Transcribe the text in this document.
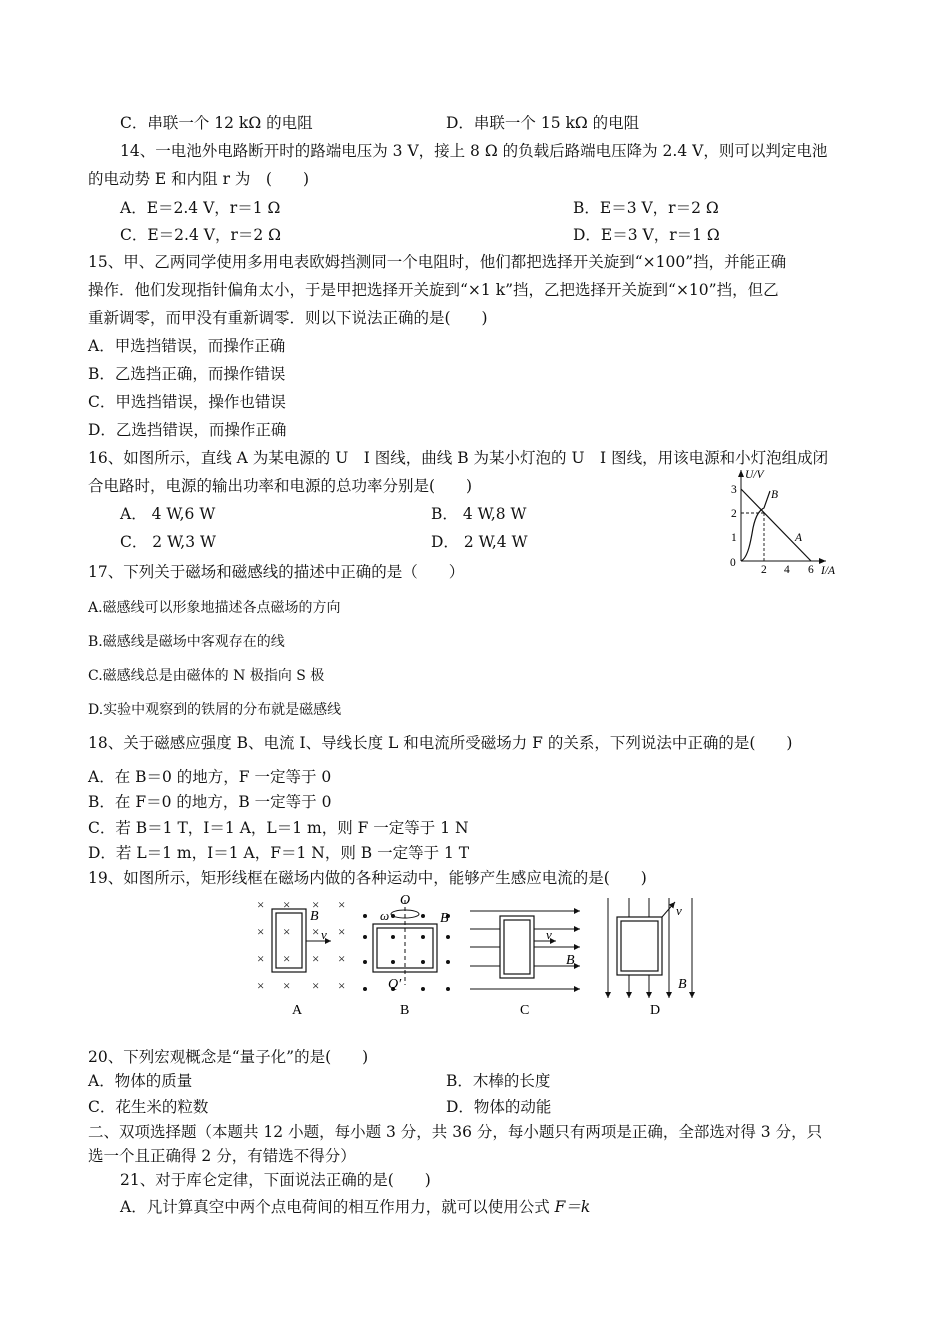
C．串联一个 12 kΩ 的电阻	D．串联一个 15 kΩ 的电阻
14、一电池外电路断开时的路端电压为 3 V，接上 8 Ω 的负载后路端电压降为 2.4 V，则可以判定电池
的电动势 E 和内阻 r 为　(　　)
A．E＝2.4 V，r＝1 Ω	B．E＝3 V，r＝2 Ω
C．E＝2.4 V，r＝2 Ω	D．E＝3 V，r＝1 Ω
15、甲、乙两同学使用多用电表欧姆挡测同一个电阻时，他们都把选择开关旋到“×100”挡，并能正确
操作．他们发现指针偏角太小，于是甲把选择开关旋到“×1 k”挡，乙把选择开关旋到“×10”挡，但乙
重新调零，而甲没有重新调零．则以下说法正确的是(　　)
A．甲选挡错误，而操作正确
B．乙选挡正确，而操作错误
C．甲选挡错误，操作也错误
D．乙选挡错误，而操作正确
16、如图所示，直线 A 为某电源的 U　I 图线，曲线 B 为某小灯泡的 U　I 图线，用该电源和小灯泡组成闭
合电路时，电源的输出功率和电源的总功率分别是(　　)
A． 4 W,6 W	B． 4 W,8 W
C． 2 W,3 W	D． 2 W,4 W
U/V
I/A
0
1
2
3
2 4 6
B
A
17、下列关于磁场和磁感线的描述中正确的是（　　）
A.磁感线可以形象地描述各点磁场的方向
B.磁感线是磁场中客观存在的线
C.磁感线总是由磁体的 N 极指向 S 极
D.实验中观察到的铁屑的分布就是磁感线
18、关于磁感应强度 B、电流 I、导线长度 L 和电流所受磁场力 F 的关系，下列说法中正确的是(　　)
A．在 B＝0 的地方，F 一定等于 0
B．在 F＝0 的地方，B 一定等于 0
C．若 B＝1 T，I＝1 A，L＝1 m，则 F 一定等于 1 N
D．若 L＝1 m，I＝1 A，F＝1 N，则 B 一定等于 1 T
19、如图所示，矩形线框在磁场内做的各种运动中，能够产生感应电流的是(　　)
× × × ×
× × × ×
× × × ×
× × × ×
B
v
A
ω
O
Q′
B
B
v
B
C
v
B
D
20、下列宏观概念是“量子化”的是(　　)
A．物体的质量	B．木棒的长度
C．花生米的粒数	D．物体的动能
二、双项选择题（本题共 12 小题，每小题 3 分，共 36 分，每小题只有两项是正确，全部选对得 3 分，只
选一个且正确得 2 分，有错选不得分）
21、对于库仑定律，下面说法正确的是(　　)
A．凡计算真空中两个点电荷间的相互作用力，就可以使用公式 F＝k
